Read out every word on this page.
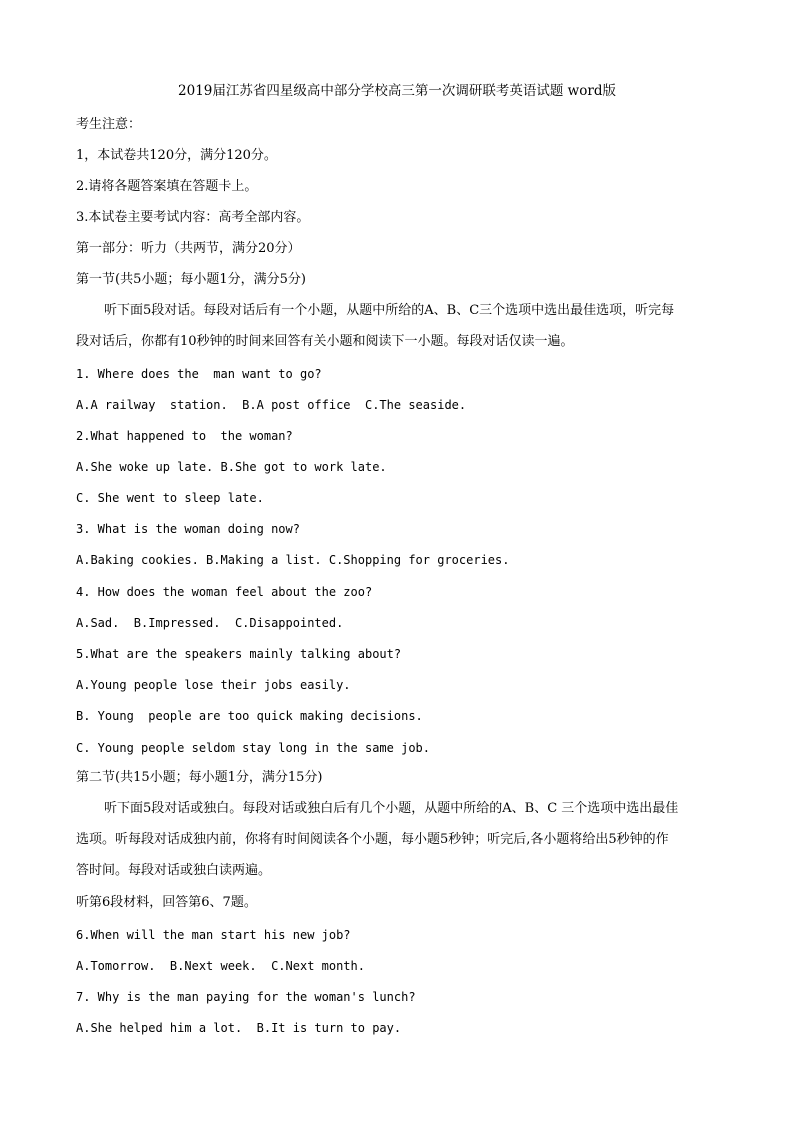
2019届江苏省四星级高中部分学校高三第一次调研联考英语试题 word版
考生注意：
1，本试卷共120分，满分120分。
2.请将各题答案填在答题卡上。
3.本试卷主要考试内容：高考全部内容。
第一部分：听力（共两节，满分20分）
第一节(共5小题；每小题1分，满分5分)
听下面5段对话。每段对话后有一个小题，从题中所给的A、B、C三个选项中选出最佳选项，听完每
段对话后，你都有10秒钟的时间来回答有关小题和阅读下一小题。每段对话仅读一遍。
1. Where does the  man want to go?
A.A railway  station.  B.A post office  C.The seaside.
2.What happened to  the woman?
A.She woke up late. B.She got to work late.
C. She went to sleep late.
3. What is the woman doing now?
A.Baking cookies. B.Making a list. C.Shopping for groceries.
4. How does the woman feel about the zoo?
A.Sad.  B.Impressed.  C.Disappointed.
5.What are the speakers mainly talking about?
A.Young people lose their jobs easily.
B. Young  people are too quick making decisions.
C. Young people seldom stay long in the same job.
第二节(共15小题；每小题1分，满分15分)
听下面5段对话或独白。每段对话或独白后有几个小题，从题中所给的A、B、C 三个选项中选出最佳
选项。听每段对话成独内前，你将有时间阅读各个小题，每小题5秒钟；听完后,各小题将给出5秒钟的作
答时间。每段对话或独白读两遍。
听第6段材料，回答第6、7题。
6.When will the man start his new job?
A.Tomorrow.  B.Next week.  C.Next month.
7. Why is the man paying for the woman's lunch?
A.She helped him a lot.  B.It is turn to pay.
